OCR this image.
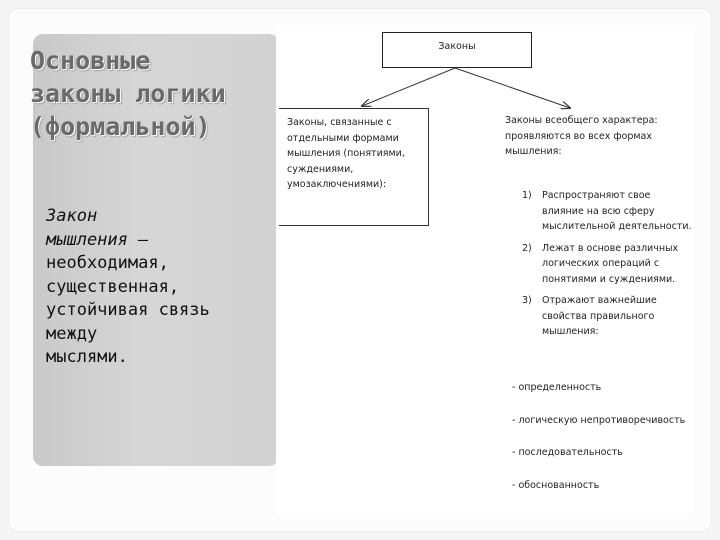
Основные
законы логики
(формальной)
Закон
мышления –
необходимая,
существенная,
устойчивая связь
между
мыслями.
Законы
Законы, связанные с
отдельными формами
мышления (понятиями,
суждениями,
умозаключениями):
Законы всеобщего характера:
проявляются во всех формах
мышления:
1) Распространяют свое
влияние на всю сферу
мыслительной деятельности.
2) Лежат в основе различных
логических операций с
понятиями и суждениями.
3) Отражают важнейшие
свойства правильного
мышления:
- определенность
- логическую непротиворечивость
- последовательность
- обоснованность
